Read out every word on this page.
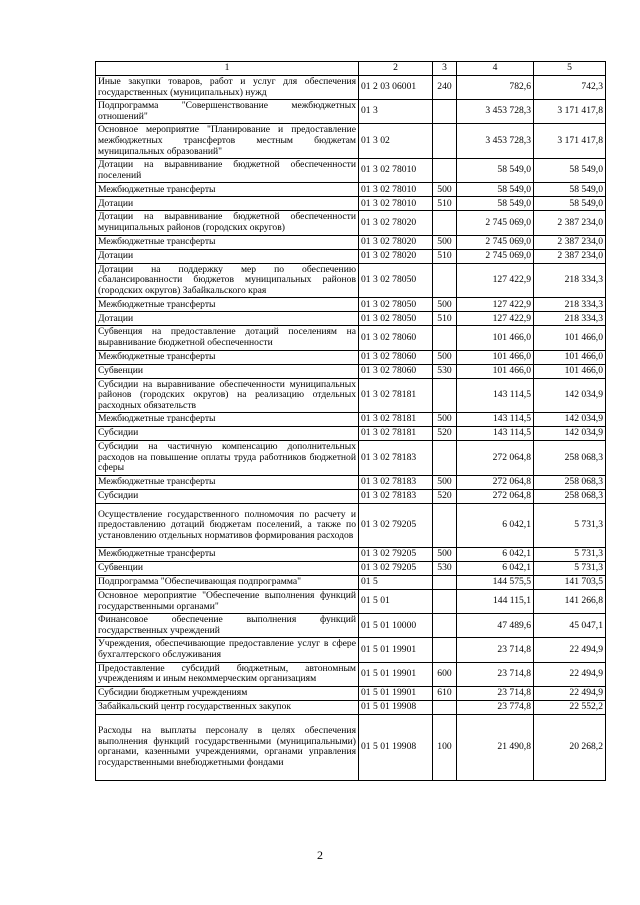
1	2	3	4	5
Иные закупки товаров, работ и услуг для обеспечения государственных (муниципальных) нужд	01 2 03 06001	240	782,6	742,3
Подпрограмма "Совершенствование межбюджетных отношений"	01 3		3 453 728,3	3 171 417,8
Основное мероприятие "Планирование и предоставление межбюджетных трансфертов местным бюджетам муниципальных образований"	01 3 02		3 453 728,3	3 171 417,8
Дотации на выравнивание бюджетной обеспеченности поселений	01 3 02 78010		58 549,0	58 549,0
Межбюджетные трансферты	01 3 02 78010	500	58 549,0	58 549,0
Дотации	01 3 02 78010	510	58 549,0	58 549,0
Дотации на выравнивание бюджетной обеспеченности муниципальных районов (городских округов)	01 3 02 78020		2 745 069,0	2 387 234,0
Межбюджетные трансферты	01 3 02 78020	500	2 745 069,0	2 387 234,0
Дотации	01 3 02 78020	510	2 745 069,0	2 387 234,0
Дотации на поддержку мер по обеспечению сбалансированности бюджетов муниципальных районов (городских округов) Забайкальского края	01 3 02 78050		127 422,9	218 334,3
Межбюджетные трансферты	01 3 02 78050	500	127 422,9	218 334,3
Дотации	01 3 02 78050	510	127 422,9	218 334,3
Субвенция на предоставление дотаций поселениям на выравнивание бюджетной обеспеченности	01 3 02 78060		101 466,0	101 466,0
Межбюджетные трансферты	01 3 02 78060	500	101 466,0	101 466,0
Субвенции	01 3 02 78060	530	101 466,0	101 466,0
Субсидии на выравнивание обеспеченности муниципальных районов (городских округов) на реализацию отдельных расходных обязательств	01 3 02 78181		143 114,5	142 034,9
Межбюджетные трансферты	01 3 02 78181	500	143 114,5	142 034,9
Субсидии	01 3 02 78181	520	143 114,5	142 034,9
Субсидии на частичную компенсацию дополнительных расходов на повышение оплаты труда работников бюджетной сферы	01 3 02 78183		272 064,8	258 068,3
Межбюджетные трансферты	01 3 02 78183	500	272 064,8	258 068,3
Субсидии	01 3 02 78183	520	272 064,8	258 068,3
Осуществление государственного полномочия по расчету и предоставлению дотаций бюджетам поселений, а также по установлению отдельных нормативов формирования расходов	01 3 02 79205		6 042,1	5 731,3
Межбюджетные трансферты	01 3 02 79205	500	6 042,1	5 731,3
Субвенции	01 3 02 79205	530	6 042,1	5 731,3
Подпрограмма "Обеспечивающая подпрограмма"	01 5		144 575,5	141 703,5
Основное мероприятие "Обеспечение выполнения функций государственными органами"	01 5 01		144 115,1	141 266,8
Финансовое обеспечение выполнения функций государственных учреждений	01 5 01 10000		47 489,6	45 047,1
Учреждения, обеспечивающие предоставление услуг в сфере бухгалтерского обслуживания	01 5 01 19901		23 714,8	22 494,9
Предоставление субсидий бюджетным, автономным учреждениям и иным некоммерческим организациям	01 5 01 19901	600	23 714,8	22 494,9
Субсидии бюджетным учреждениям	01 5 01 19901	610	23 714,8	22 494,9
Забайкальский центр государственных закупок	01 5 01 19908		23 774,8	22 552,2
Расходы на выплаты персоналу в целях обеспечения выполнения функций государственными (муниципальными) органами, казенными учреждениями, органами управления государственными внебюджетными фондами	01 5 01 19908	100	21 490,8	20 268,2
2
